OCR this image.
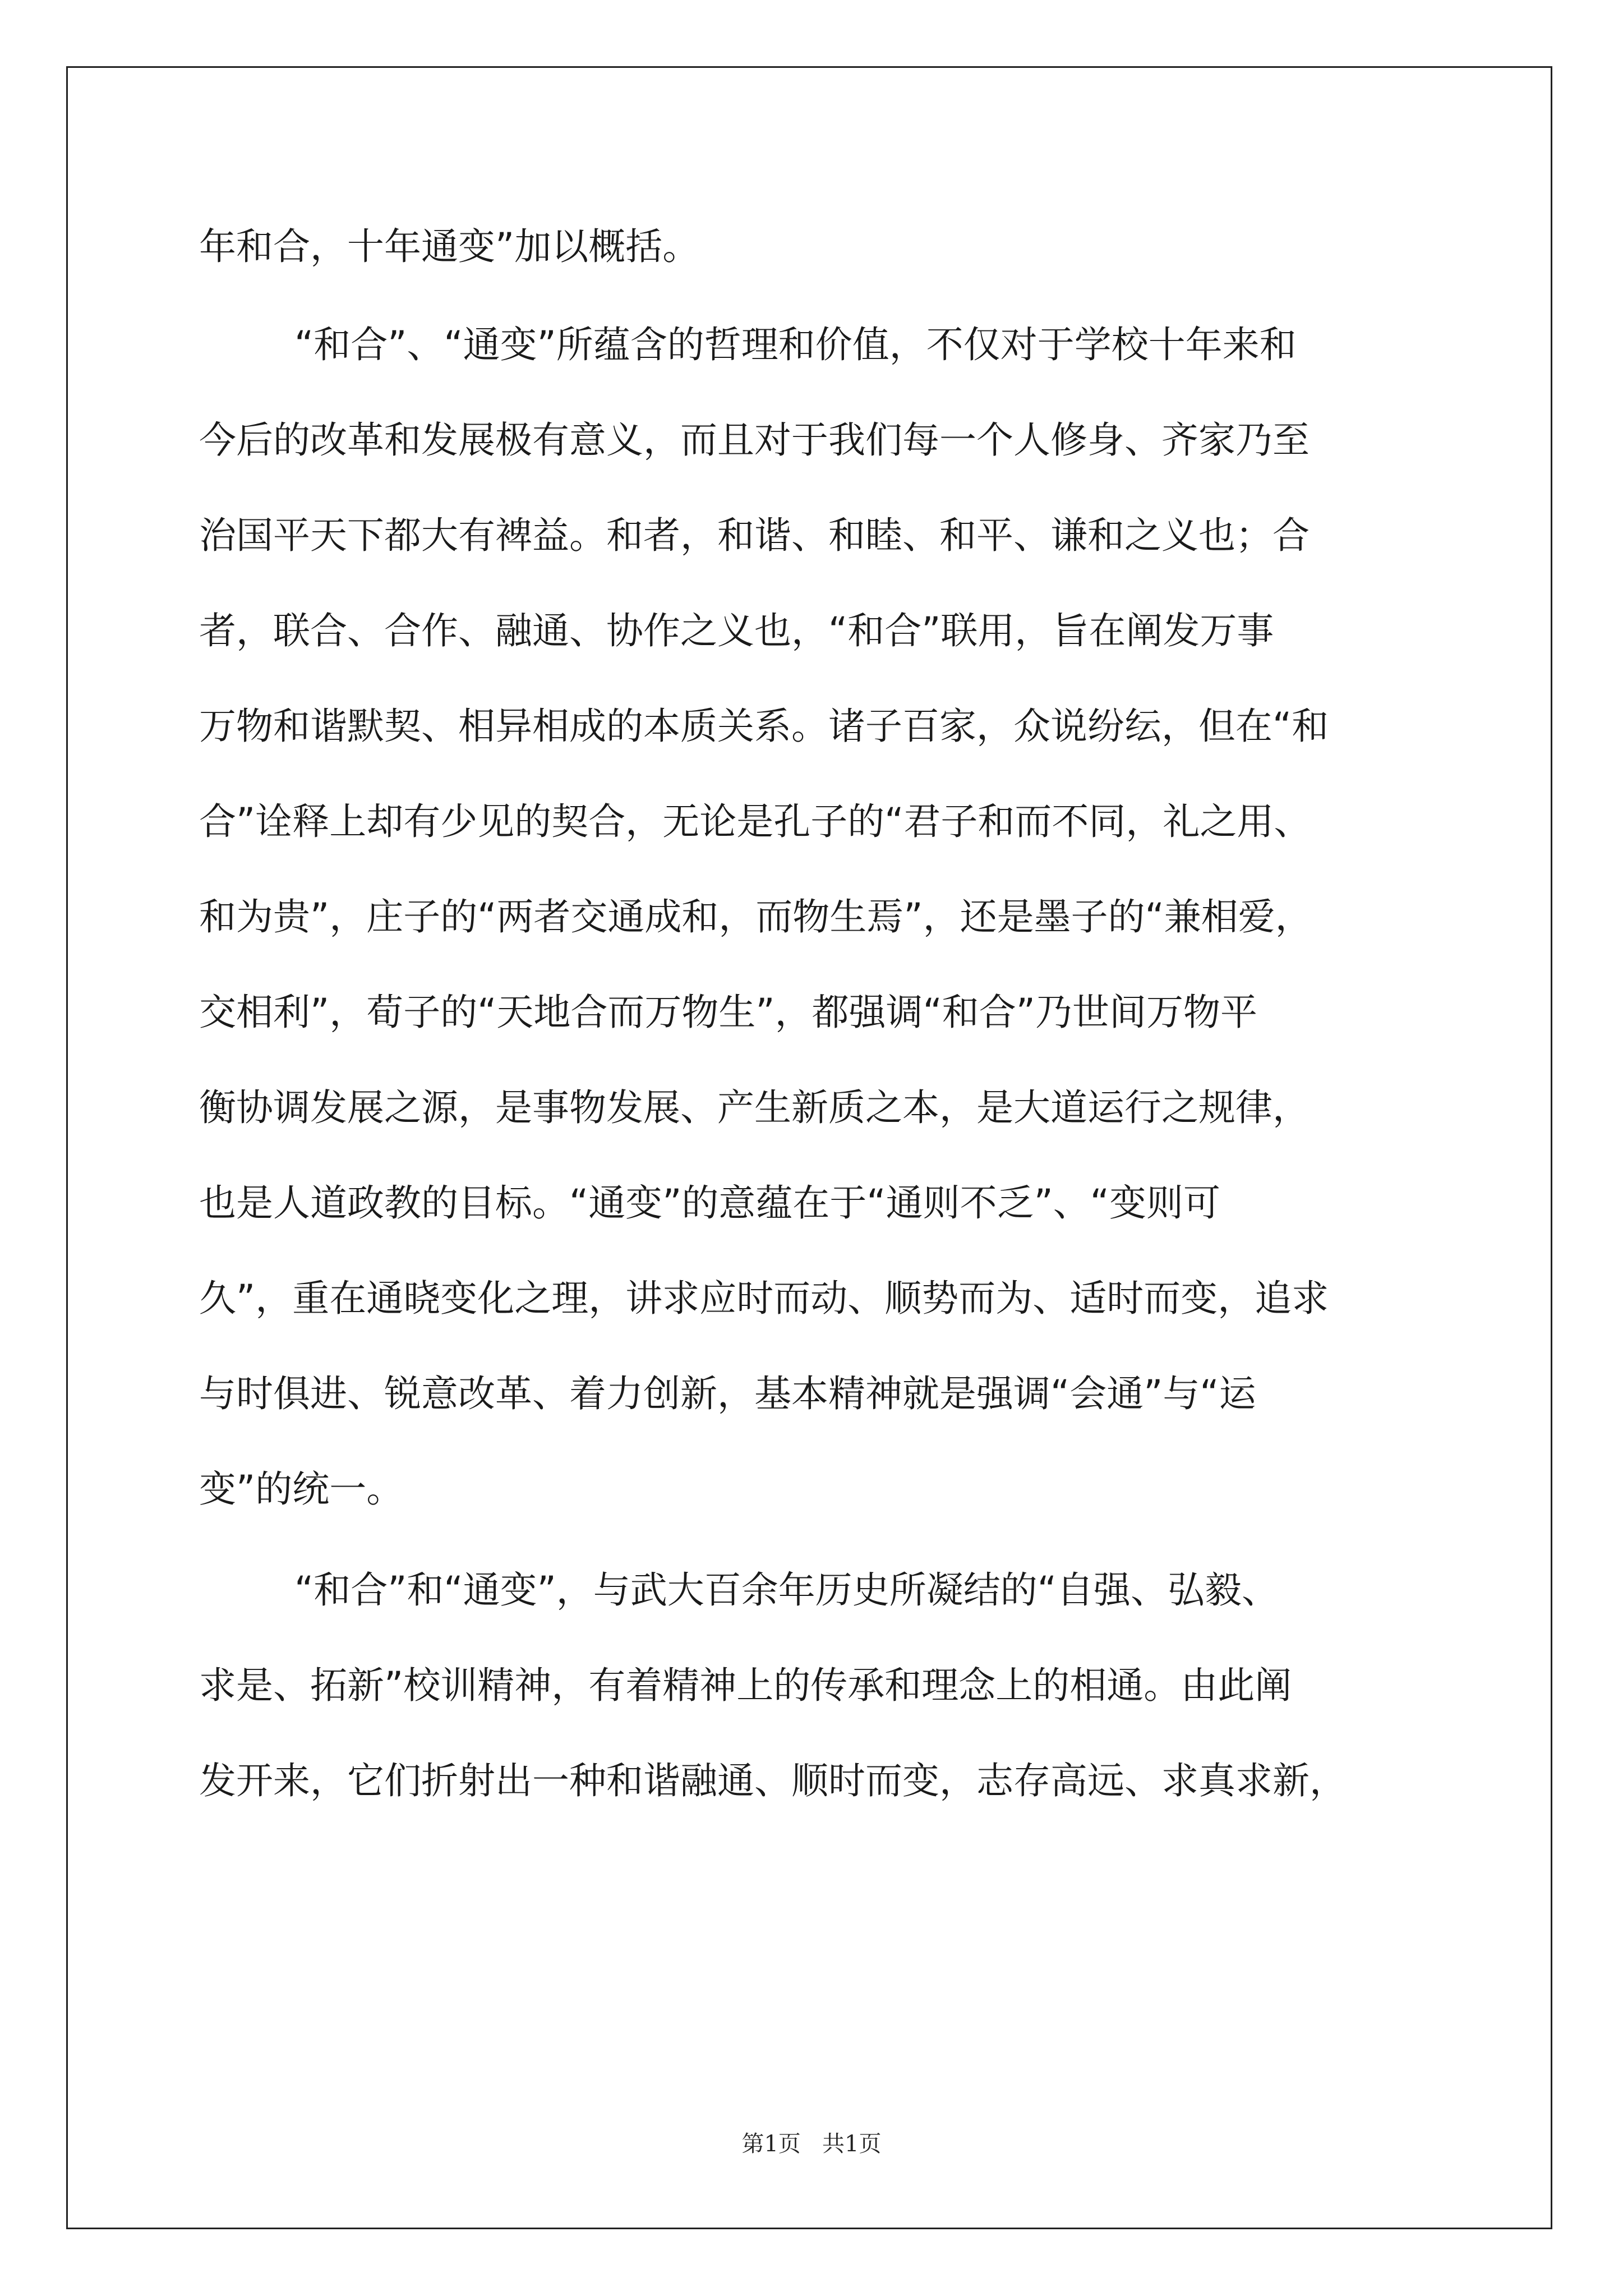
年和合，十年通变”加以概括。
“和合”、“通变”所蕴含的哲理和价值，不仅对于学校十年来和
今后的改革和发展极有意义，而且对于我们每一个人修身、齐家乃至
治国平天下都大有裨益。和者，和谐、和睦、和平、谦和之义也；合
者，联合、合作、融通、协作之义也，“和合”联用，旨在阐发万事
万物和谐默契、相异相成的本质关系。诸子百家，众说纷纭，但在“和
合”诠释上却有少见的契合，无论是孔子的“君子和而不同，礼之用、
和为贵”，庄子的“两者交通成和，而物生焉”，还是墨子的“兼相爱，
交相利”，荀子的“天地合而万物生”，都强调“和合”乃世间万物平
衡协调发展之源，是事物发展、产生新质之本，是大道运行之规律，
也是人道政教的目标。“通变”的意蕴在于“通则不乏”、“变则可
久”，重在通晓变化之理，讲求应时而动、顺势而为、适时而变，追求
与时俱进、锐意改革、着力创新，基本精神就是强调“会通”与“运
变”的统一。
“和合”和“通变”，与武大百余年历史所凝结的“自强、弘毅、
求是、拓新”校训精神，有着精神上的传承和理念上的相通。由此阐
发开来，它们折射出一种和谐融通、顺时而变，志存高远、求真求新，
第1页   共1页
